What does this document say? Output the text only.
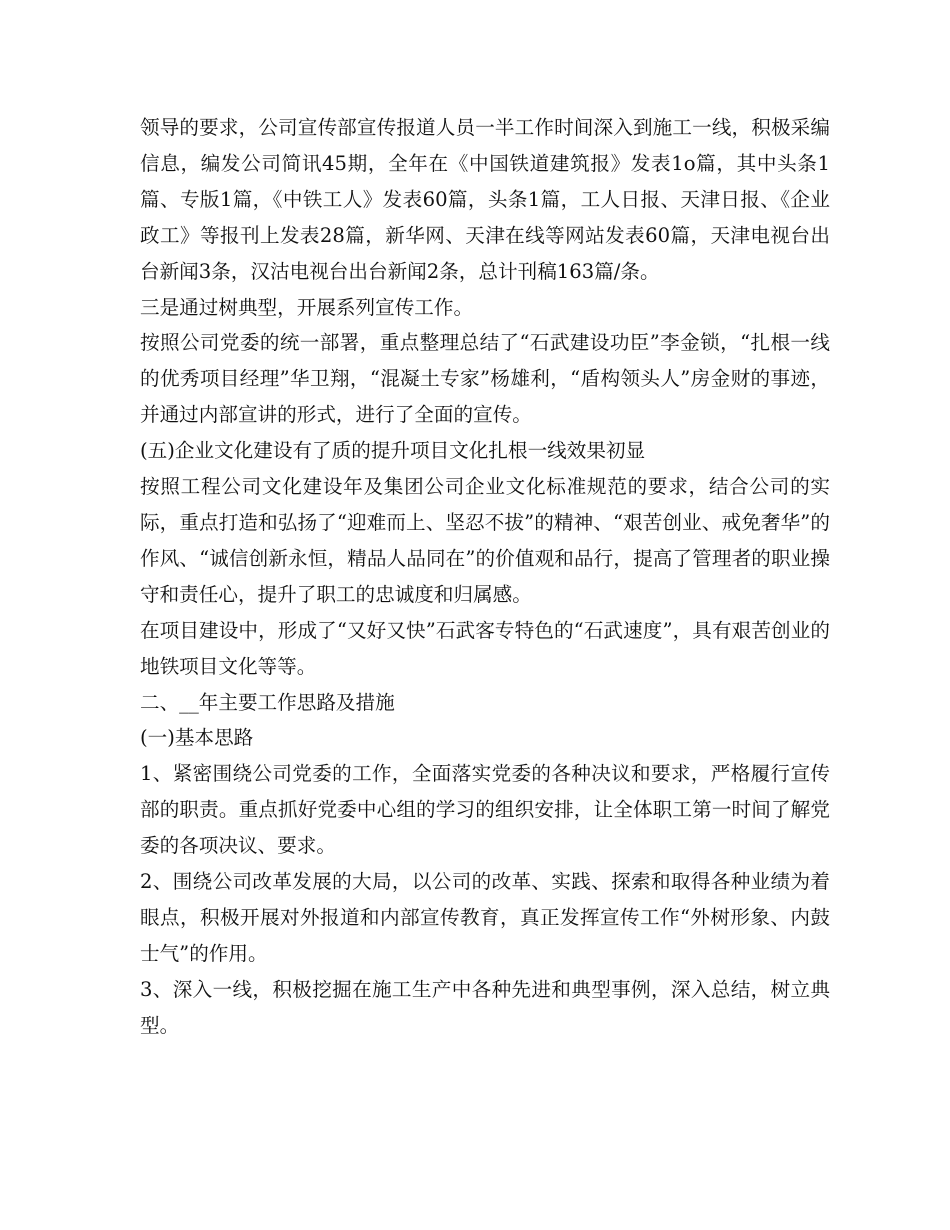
领导的要求，公司宣传部宣传报道人员一半工作时间深入到施工一线，积极采编信息，编发公司简讯45期，全年在《中国铁道建筑报》发表1o篇，其中头条1篇、专版1篇，《中铁工人》发表60篇，头条1篇，工人日报、天津日报、《企业政工》等报刊上发表28篇，新华网、天津在线等网站发表60篇，天津电视台出台新闻3条，汉沽电视台出台新闻2条，总计刊稿163篇/条。

三是通过树典型，开展系列宣传工作。

按照公司党委的统一部署，重点整理总结了“石武建设功臣”李金锁，“扎根一线的优秀项目经理”华卫翔，“混凝土专家”杨雄利，“盾构领头人”房金财的事迹，并通过内部宣讲的形式，进行了全面的宣传。

(五)企业文化建设有了质的提升项目文化扎根一线效果初显

按照工程公司文化建设年及集团公司企业文化标准规范的要求，结合公司的实际，重点打造和弘扬了“迎难而上、坚忍不拔”的精神、“艰苦创业、戒免奢华”的作风、“诚信创新永恒，精品人品同在”的价值观和品行，提高了管理者的职业操守和责任心，提升了职工的忠诚度和归属感。

在项目建设中，形成了“又好又快”石武客专特色的“石武速度”，具有艰苦创业的地铁项目文化等等。

二、__年主要工作思路及措施

(一)基本思路

1、紧密围绕公司党委的工作，全面落实党委的各种决议和要求，严格履行宣传部的职责。重点抓好党委中心组的学习的组织安排，让全体职工第一时间了解党委的各项决议、要求。

2、围绕公司改革发展的大局，以公司的改革、实践、探索和取得各种业绩为着眼点，积极开展对外报道和内部宣传教育，真正发挥宣传工作“外树形象、内鼓士气”的作用。

3、深入一线，积极挖掘在施工生产中各种先进和典型事例，深入总结，树立典型。
